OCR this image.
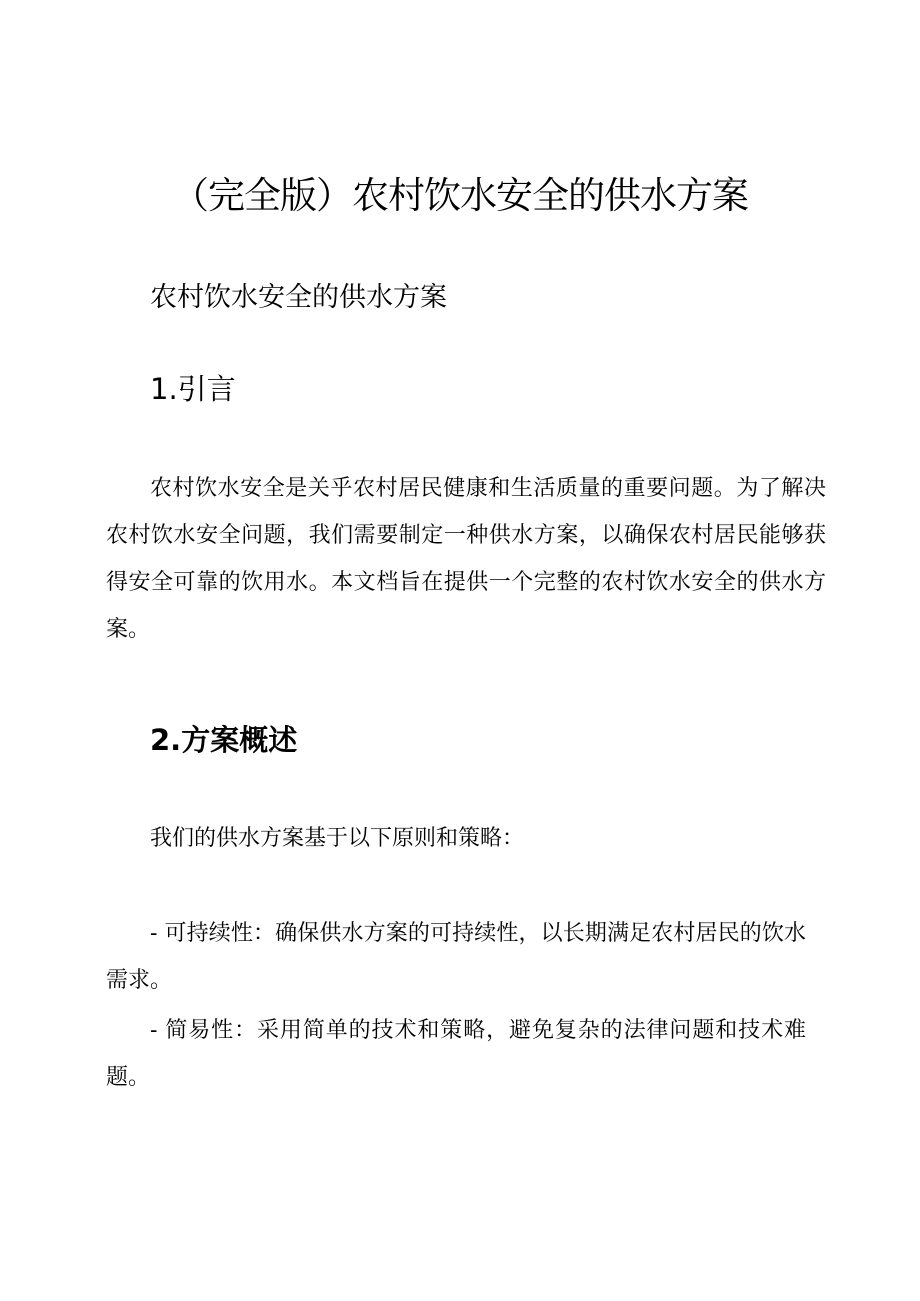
（完全版）农村饮水安全的供水方案
农村饮水安全的供水方案
1.引言

农村饮水安全是关乎农村居民健康和生活质量的重要问题。为了解决农村饮水安全问题，我们需要制定一种供水方案，以确保农村居民能够获得安全可靠的饮用水。本文档旨在提供一个完整的农村饮水安全的供水方案。

2.方案概述

我们的供水方案基于以下原则和策略：

- 可持续性：确保供水方案的可持续性，以长期满足农村居民的饮水需求。

- 简易性：采用简单的技术和策略，避免复杂的法律问题和技术难题。
